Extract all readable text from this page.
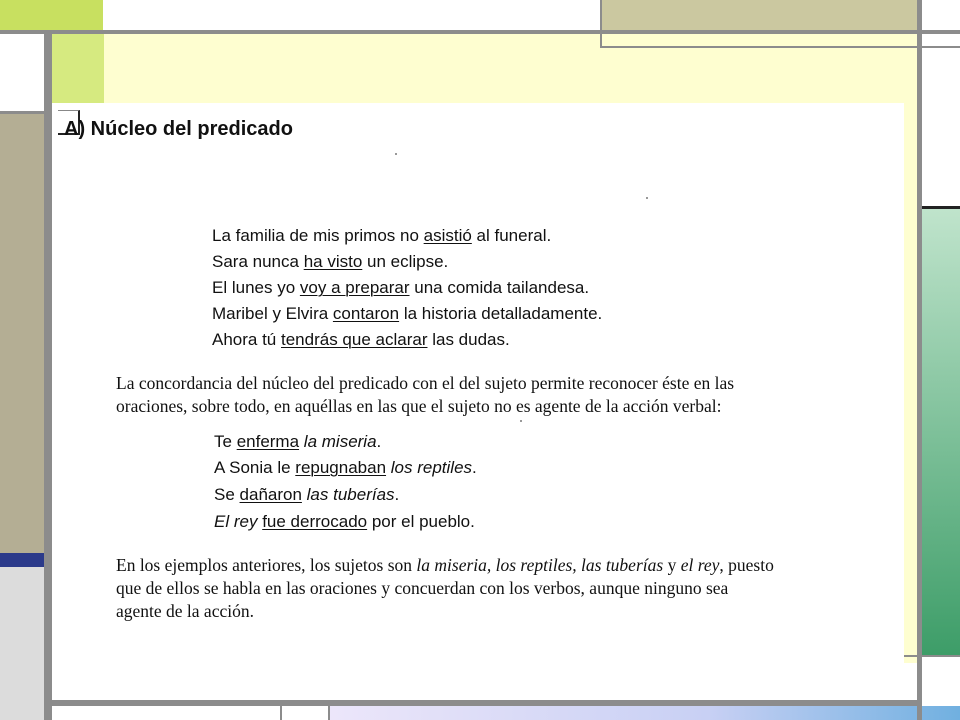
A) Núcleo del predicado
La familia de mis primos no asistió al funeral.
Sara nunca ha visto un eclipse.
El lunes yo voy a preparar una comida tailandesa.
Maribel y Elvira contaron la historia detalladamente.
Ahora tú tendrás que aclarar las dudas.
La concordancia del núcleo del predicado con el del sujeto permite reconocer éste en las
oraciones, sobre todo, en aquéllas en las que el sujeto no es agente de la acción verbal:
Te enferma la miseria.
A Sonia le repugnaban los reptiles.
Se dañaron las tuberías.
El rey fue derrocado por el pueblo.
En los ejemplos anteriores, los sujetos son la miseria, los reptiles, las tuberías y el rey, puesto
que de ellos se habla en las oraciones y concuerdan con los verbos, aunque ninguno sea
agente de la acción.
